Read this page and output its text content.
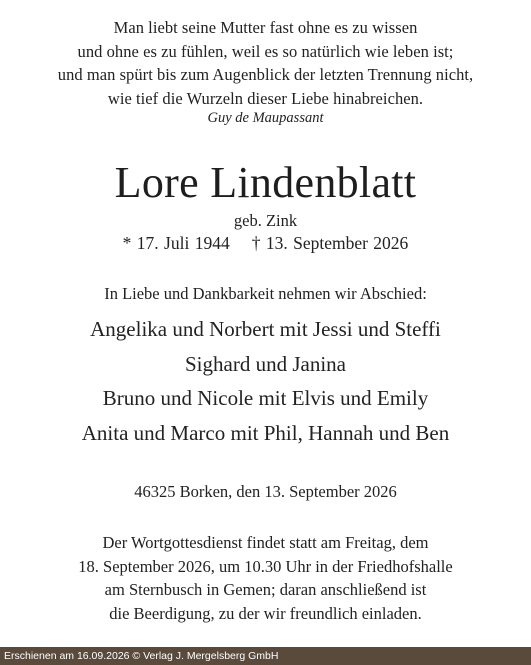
Man liebt seine Mutter fast ohne es zu wissen
und ohne es zu fühlen, weil es so natürlich wie leben ist;
und man spürt bis zum Augenblick der letzten Trennung nicht,
wie tief die Wurzeln dieser Liebe hinabreichen.
Guy de Maupassant
Lore Lindenblatt
geb. Zink
* 17. Juli 1944 † 13. September 2026
In Liebe und Dankbarkeit nehmen wir Abschied:
Angelika und Norbert mit Jessi und Steffi
Sighard und Janina
Bruno und Nicole mit Elvis und Emily
Anita und Marco mit Phil, Hannah und Ben
46325 Borken, den 13. September 2026
Der Wortgottesdienst findet statt am Freitag, dem
18. September 2026, um 10.30 Uhr in der Friedhofshalle
am Sternbusch in Gemen; daran anschließend ist
die Beerdigung, zu der wir freundlich einladen.
Erschienen am 16.09.2026 © Verlag J. Mergelsberg GmbH
